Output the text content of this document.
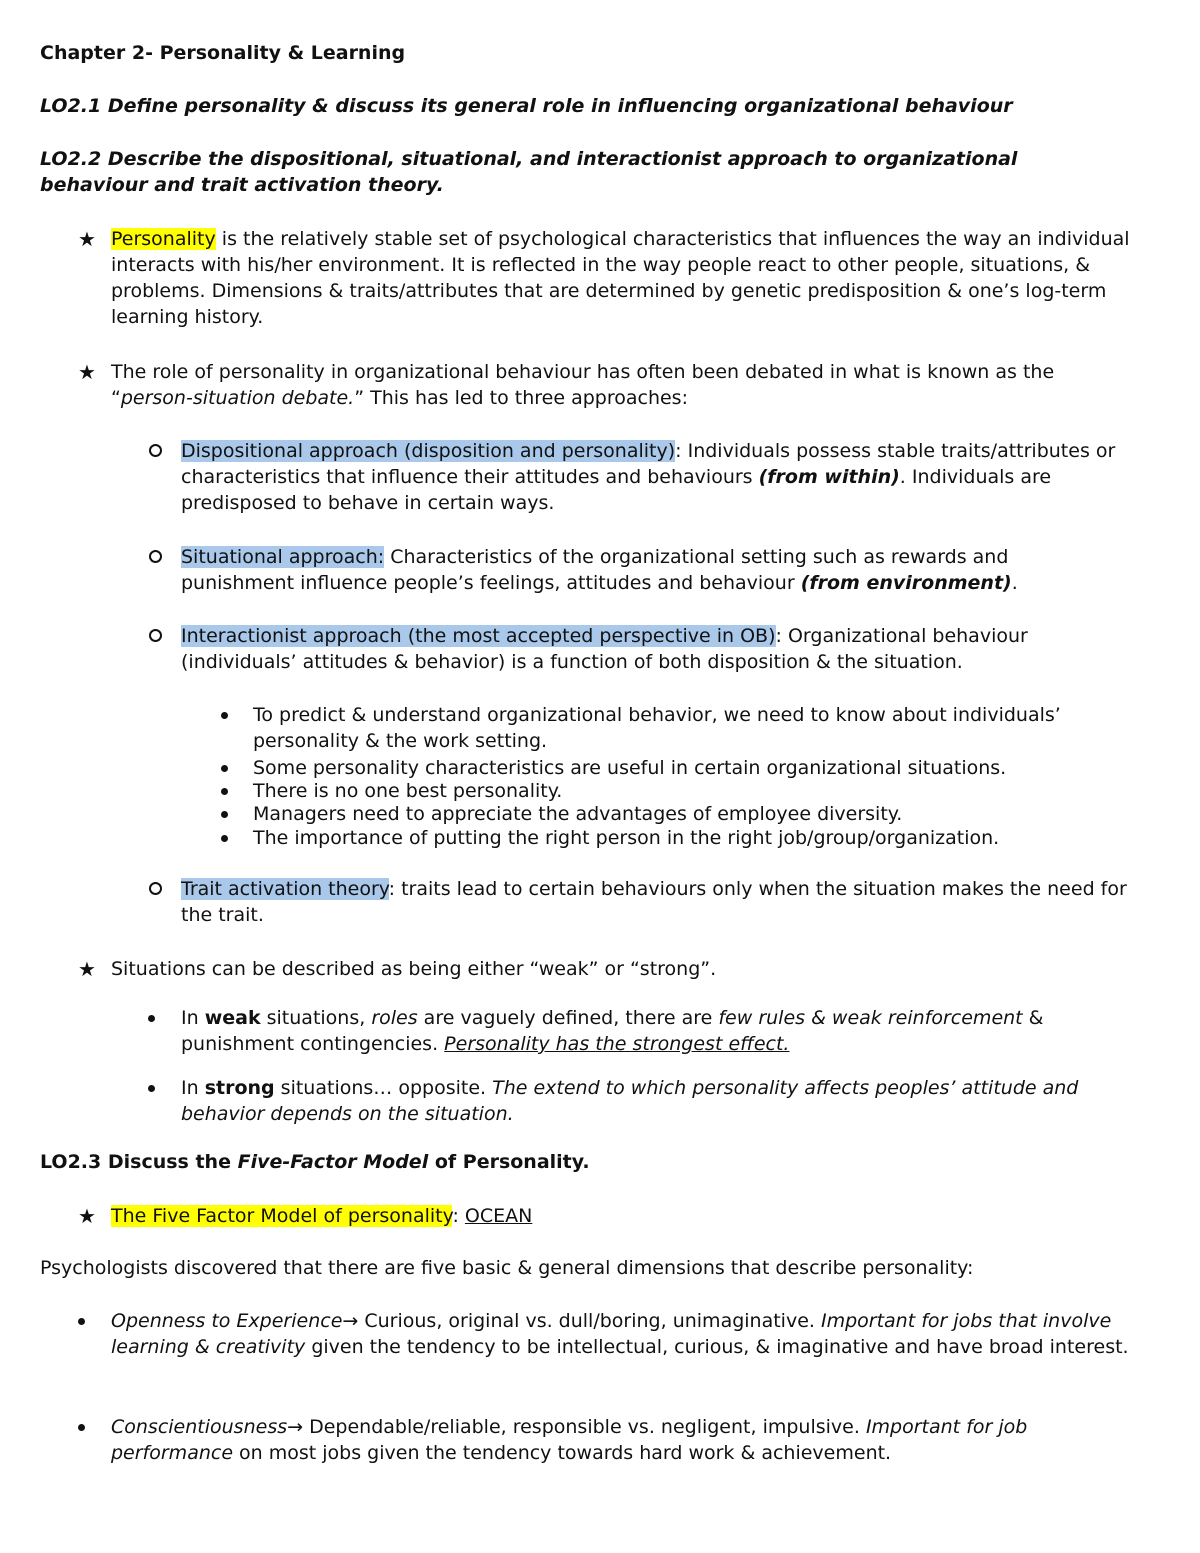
Chapter 2- Personality & Learning
LO2.1 Define personality & discuss its general role in influencing organizational behaviour
LO2.2 Describe the dispositional, situational, and interactionist approach to organizational behaviour and trait activation theory.
★ Personality is the relatively stable set of psychological characteristics that influences the way an individual interacts with his/her environment. It is reflected in the way people react to other people, situations, & problems. Dimensions & traits/attributes that are determined by genetic predisposition & one’s log-term learning history.
★ The role of personality in organizational behaviour has often been debated in what is known as the “person-situation debate.” This has led to three approaches:
Dispositional approach (disposition and personality): Individuals possess stable traits/attributes or characteristics that influence their attitudes and behaviours (from within). Individuals are predisposed to behave in certain ways.
Situational approach: Characteristics of the organizational setting such as rewards and punishment influence people’s feelings, attitudes and behaviour (from environment).
Interactionist approach (the most accepted perspective in OB): Organizational behaviour (individuals’ attitudes & behavior) is a function of both disposition & the situation.
To predict & understand organizational behavior, we need to know about individuals’ personality & the work setting.
Some personality characteristics are useful in certain organizational situations.
There is no one best personality.
Managers need to appreciate the advantages of employee diversity.
The importance of putting the right person in the right job/group/organization.
Trait activation theory: traits lead to certain behaviours only when the situation makes the need for the trait.
★ Situations can be described as being either “weak” or “strong”.
In weak situations, roles are vaguely defined, there are few rules & weak reinforcement & punishment contingencies. Personality has the strongest effect.
In strong situations… opposite. The extend to which personality affects peoples’ attitude and behavior depends on the situation.
LO2.3 Discuss the Five-Factor Model of Personality.
★ The Five Factor Model of personality: OCEAN
Psychologists discovered that there are five basic & general dimensions that describe personality:
Openness to Experience→ Curious, original vs. dull/boring, unimaginative. Important for jobs that involve learning & creativity given the tendency to be intellectual, curious, & imaginative and have broad interest.
Conscientiousness→ Dependable/reliable, responsible vs. negligent, impulsive. Important for job performance on most jobs given the tendency towards hard work & achievement.
